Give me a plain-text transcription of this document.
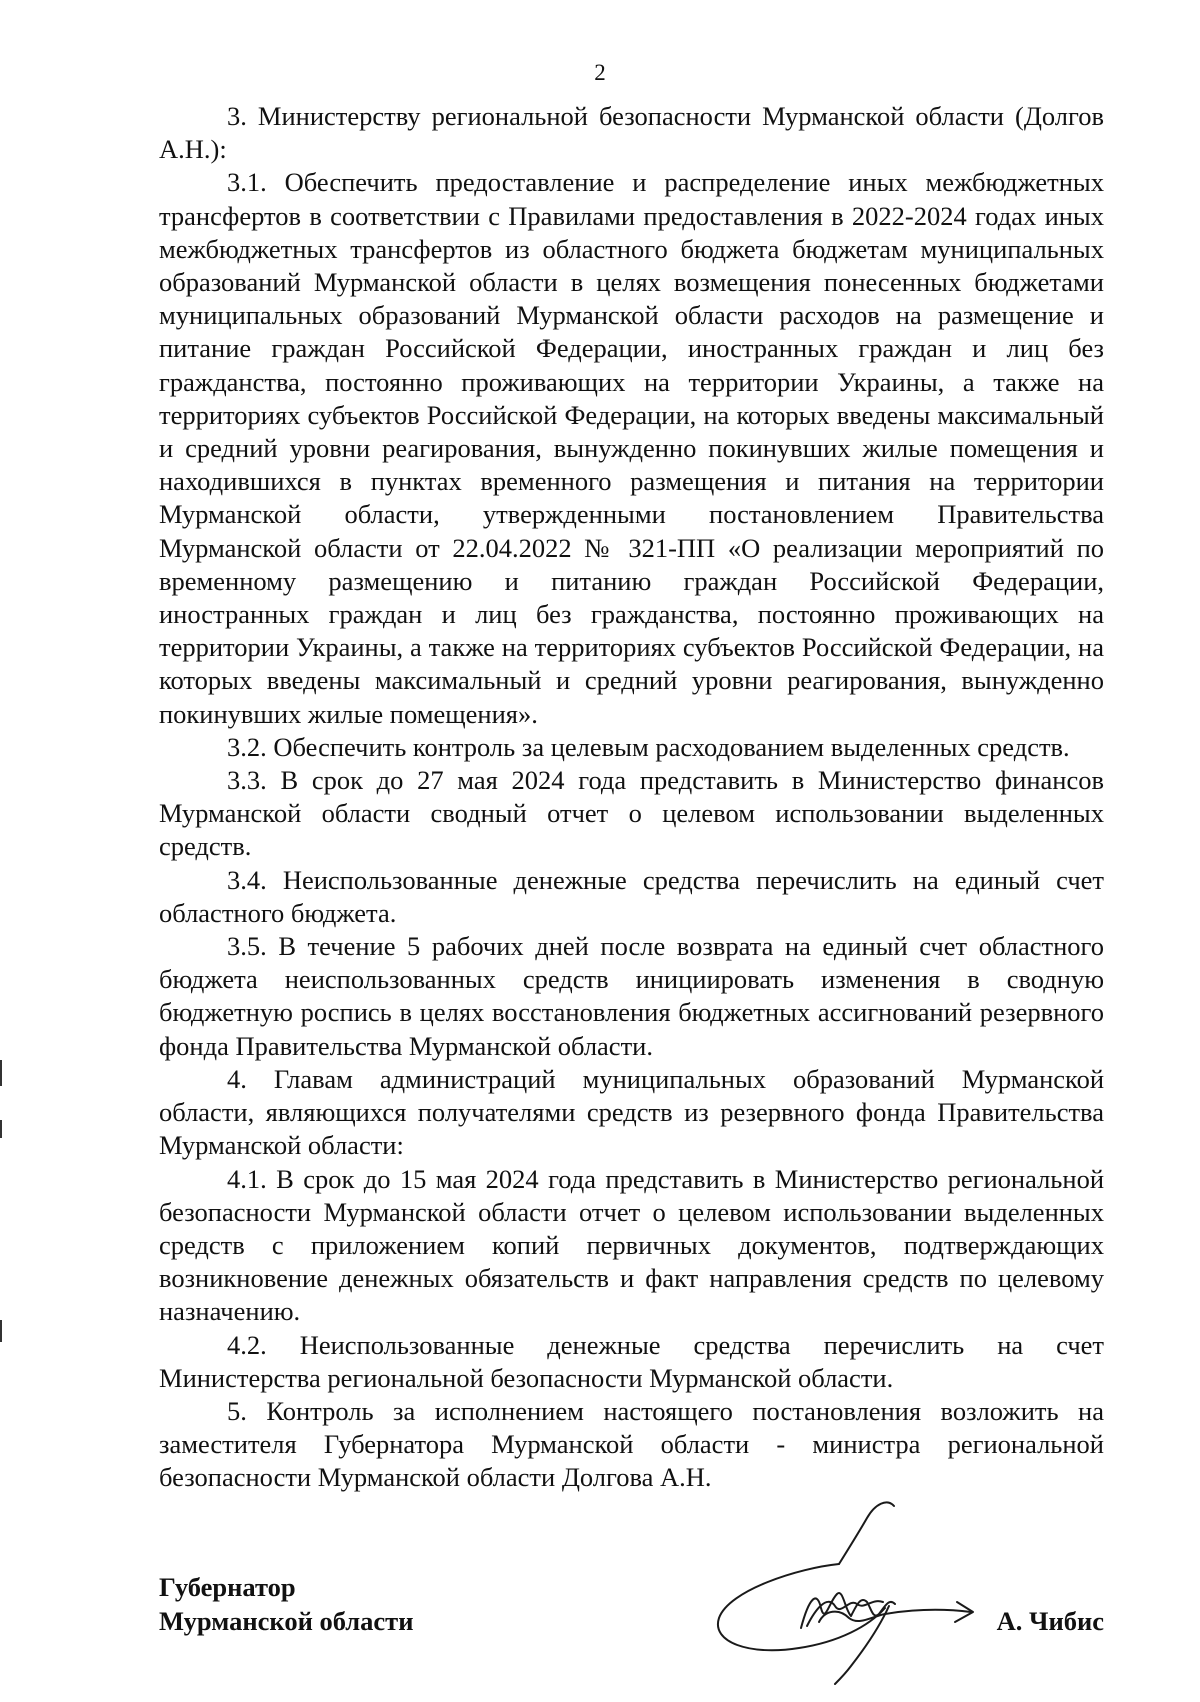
2

3. Министерству региональной безопасности Мурманской области (Долгов А.Н.):

3.1. Обеспечить предоставление и распределение иных межбюджетных трансфертов в соответствии с Правилами предоставления в 2022-2024 годах иных межбюджетных трансфертов из областного бюджета бюджетам муниципальных образований Мурманской области в целях возмещения понесенных бюджетами муниципальных образований Мурманской области расходов на размещение и питание граждан Российской Федерации, иностранных граждан и лиц без гражданства, постоянно проживающих на территории Украины, а также на территориях субъектов Российской Федерации, на которых введены максимальный и средний уровни реагирования, вынужденно покинувших жилые помещения и находившихся в пунктах временного размещения и питания на территории Мурманской области, утвержденными постановлением Правительства Мурманской области от 22.04.2022 № 321-ПП «О реализации мероприятий по временному размещению и питанию граждан Российской Федерации, иностранных граждан и лиц без гражданства, постоянно проживающих на территории Украины, а также на территориях субъектов Российской Федерации, на которых введены максимальный и средний уровни реагирования, вынужденно покинувших жилые помещения».

3.2. Обеспечить контроль за целевым расходованием выделенных средств.

3.3. В срок до 27 мая 2024 года представить в Министерство финансов Мурманской области сводный отчет о целевом использовании выделенных средств.

3.4. Неиспользованные денежные средства перечислить на единый счет областного бюджета.

3.5. В течение 5 рабочих дней после возврата на единый счет областного бюджета неиспользованных средств инициировать изменения в сводную бюджетную роспись в целях восстановления бюджетных ассигнований резервного фонда Правительства Мурманской области.

4. Главам администраций муниципальных образований Мурманской области, являющихся получателями средств из резервного фонда Правительства Мурманской области:

4.1. В срок до 15 мая 2024 года представить в Министерство региональной безопасности Мурманской области отчет о целевом использовании выделенных средств с приложением копий первичных документов, подтверждающих возникновение денежных обязательств и факт направления средств по целевому назначению.

4.2. Неиспользованные денежные средства перечислить на счет Министерства региональной безопасности Мурманской области.

5. Контроль за исполнением настоящего постановления возложить на заместителя Губернатора Мурманской области - министра региональной безопасности Мурманской области Долгова А.Н.

Губернатор
Мурманской области	А. Чибис
